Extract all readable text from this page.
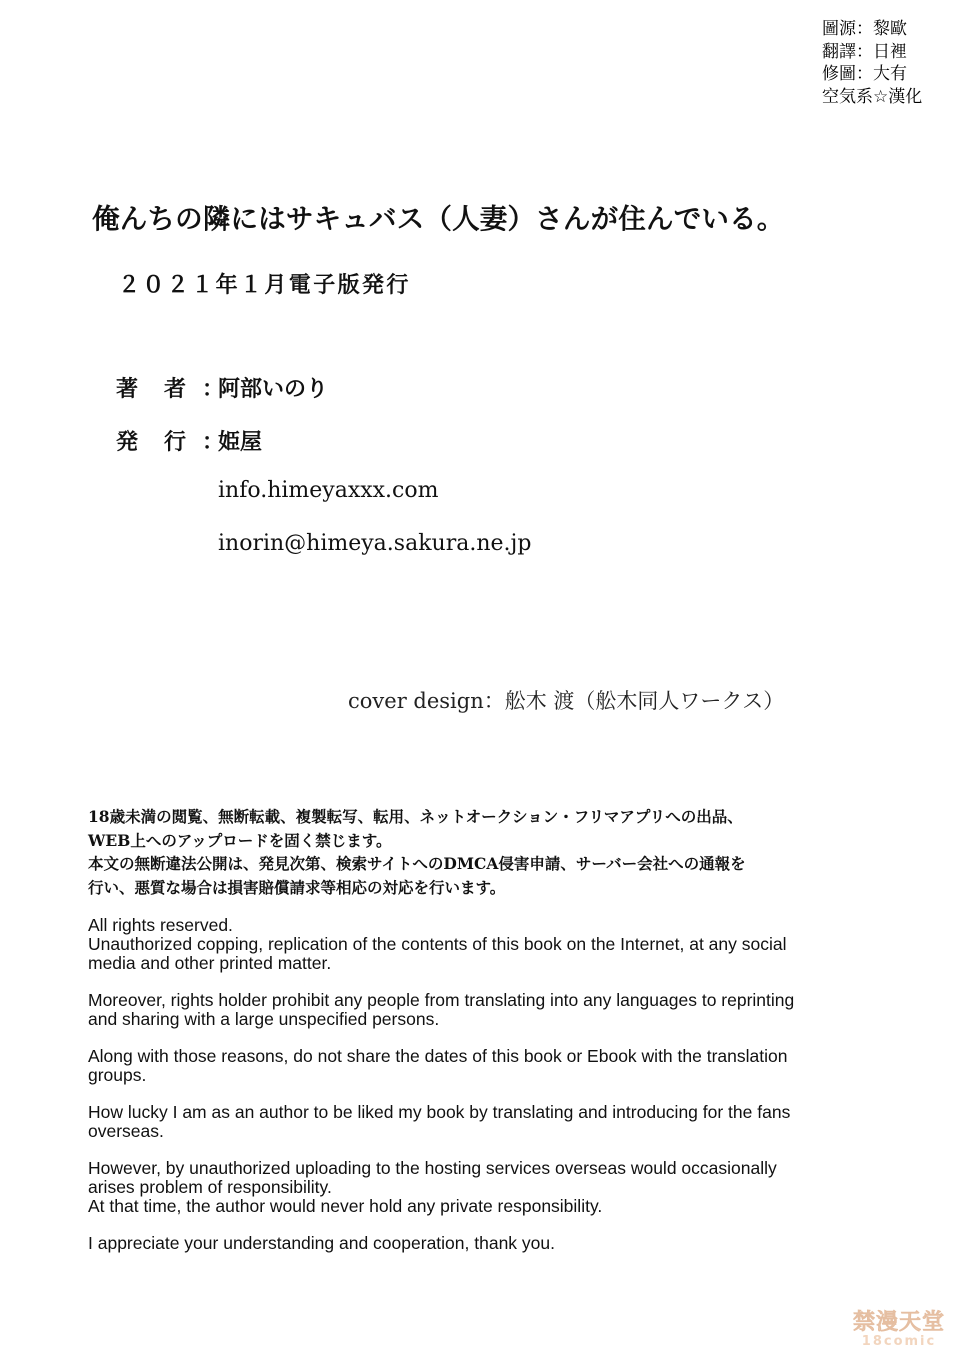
圖源：黎歐
翻譯：日裡
修圖：大有
空気系☆漢化
俺んちの隣にはサキュバス（人妻）さんが住んでいる。
２０２１年１月電子版発行
著　者 ：阿部いのり
発　行 ：姫屋
info.himeyaxxx.com
inorin@himeya.sakura.ne.jp
cover design：舩木 渡（舩木同人ワークス）
18歳未満の閲覧、無断転載、複製転写、転用、ネットオークション・フリマアプリへの出品、
WEB上へのアップロードを固く禁じます。
本文の無断違法公開は、発見次第、検索サイトへのDMCA侵害申請、サーバー会社への通報を
行い、悪質な場合は損害賠償請求等相応の対応を行います。
All rights reserved.
Unauthorized copping, replication of the contents of this book on the Internet, at any social
media and other printed matter.
Moreover, rights holder prohibit any people from translating into any languages to reprinting
and sharing with a large unspecified persons.
Along with those reasons, do not share the dates of this book or Ebook with the translation
groups.
How lucky I am as an author to be liked my book by translating and introducing for the fans
overseas.
However, by unauthorized uploading to the hosting services overseas would occasionally
arises problem of responsibility.
At that time, the author would never hold any private responsibility.
I appreciate your understanding and cooperation, thank you.
禁漫天堂
18comic
